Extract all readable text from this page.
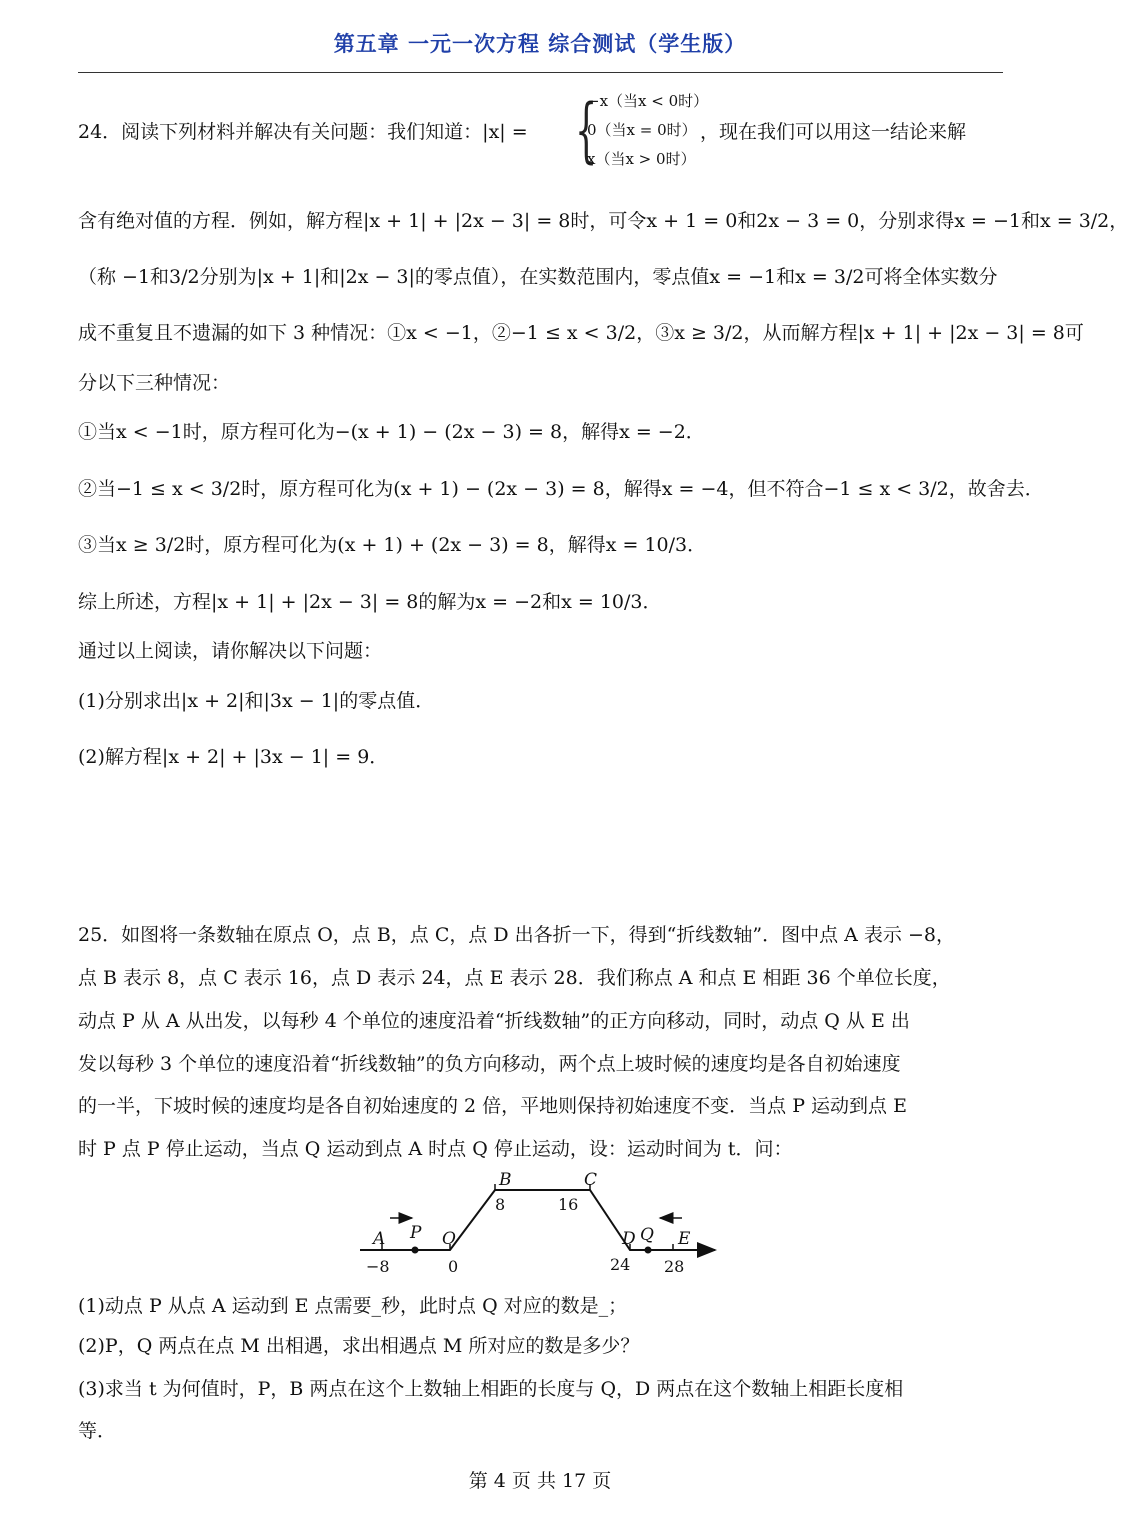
第五章 一元一次方程 综合测试（学生版）
24．阅读下列材料并解决有关问题：我们知道：|x| = {
−x（当x < 0时）
0（当x = 0时）
x（当x > 0时）
，现在我们可以用这一结论来解
含有绝对值的方程．例如，解方程|x + 1| + |2x − 3| = 8时，可令x + 1 = 0和2x − 3 = 0，分别求得x = −1和x = 3/2，
（称 −1和3/2分别为|x + 1|和|2x − 3|的零点值），在实数范围内，零点值x = −1和x = 3/2可将全体实数分
成不重复且不遗漏的如下 3 种情况：①x < −1，②−1 ≤ x < 3/2，③x ≥ 3/2，从而解方程|x + 1| + |2x − 3| = 8可
分以下三种情况：
①当x < −1时，原方程可化为−(x + 1) − (2x − 3) = 8，解得x = −2．
②当−1 ≤ x < 3/2时，原方程可化为(x + 1) − (2x − 3) = 8，解得x = −4，但不符合−1 ≤ x < 3/2，故舍去．
③当x ≥ 3/2时，原方程可化为(x + 1) + (2x − 3) = 8，解得x = 10/3．
综上所述，方程|x + 1| + |2x − 3| = 8的解为x = −2和x = 10/3．
通过以上阅读，请你解决以下问题：
(1)分别求出|x + 2|和|3x − 1|的零点值．
(2)解方程|x + 2| + |3x − 1| = 9．
25．如图将一条数轴在原点 O，点 B，点 C，点 D 出各折一下，得到“折线数轴”．图中点 A 表示 −8，
点 B 表示 8，点 C 表示 16，点 D 表示 24，点 E 表示 28．我们称点 A 和点 E 相距 36 个单位长度，
动点 P 从 A 从出发，以每秒 4 个单位的速度沿着“折线数轴”的正方向移动，同时，动点 Q 从 E 出
发以每秒 3 个单位的速度沿着“折线数轴”的负方向移动，两个点上坡时候的速度均是各自初始速度
的一半，下坡时候的速度均是各自初始速度的 2 倍，平地则保持初始速度不变．当点 P 运动到点 E
时 P 点 P 停止运动，当点 Q 运动到点 A 时点 Q 停止运动，设：运动时间为 t．问：
A P O
B	C
D Q E
−8	0
8	16
24 28
(1)动点 P 从点 A 运动到 E 点需要_秒，此时点 Q 对应的数是_；
(2)P，Q 两点在点 M 出相遇，求出相遇点 M 所对应的数是多少？
(3)求当 t 为何值时，P，B 两点在这个上数轴上相距的长度与 Q，D 两点在这个数轴上相距长度相
等．
第 4 页 共 17 页
